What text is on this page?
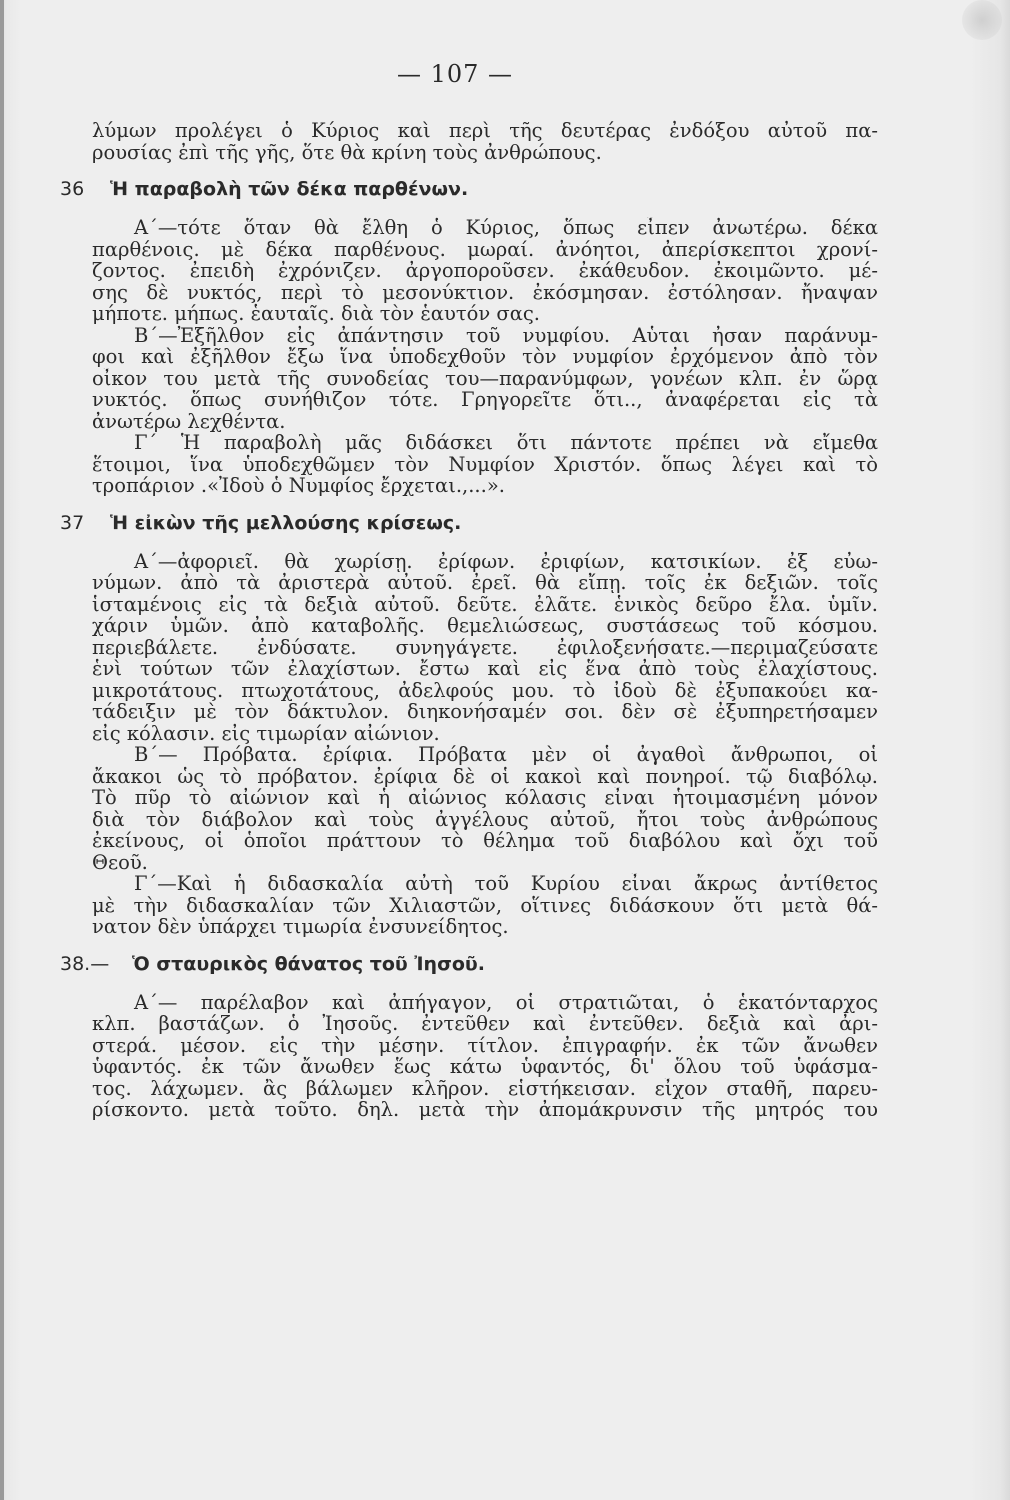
— 107 —
λύμων προλέγει ὁ Κύριος καὶ περὶ τῆς δευτέρας ἐνδόξου αὐτοῦ πα-
ρουσίας ἐπὶ τῆς γῆς, ὅτε θὰ κρίνη τοὺς ἀνθρώπους.
36 Ἡ παραβολὴ τῶν δέκα παρθένων.
Α΄—τότε ὅταν θὰ ἔλθη ὁ Κύριος, ὅπως εἶπεν ἀνωτέρω. δέκα
παρθένοις. μὲ δέκα παρθένους. μωραί. ἀνόητοι, ἀπερίσκεπτοι χρονί-
ζοντος. ἐπειδὴ ἐχρόνιζεν. ἀργοποροῦσεν. ἐκάθευδον. ἐκοιμῶντο. μέ-
σης δὲ νυκτός, περὶ τὸ μεσονύκτιον. ἐκόσμησαν. ἐστόλησαν. ἤναψαν
μήποτε. μήπως. ἑαυταῖς. διὰ τὸν ἑαυτόν σας.
Β΄—Ἐξῆλθον εἰς ἀπάντησιν τοῦ νυμφίου. Αὗται ἦσαν παράνυμ-
φοι καὶ ἐξῆλθον ἔξω ἵνα ὑποδεχθοῦν τὸν νυμφίον ἐρχόμενον ἀπὸ τὸν
οἶκον του μετὰ τῆς συνοδείας του—παρανύμφων, γονέων κλπ. ἐν ὥρᾳ
νυκτός. ὅπως συνήθιζον τότε. Γρηγορεῖτε ὅτι.., ἀναφέρεται εἰς τὰ
ἀνωτέρω λεχθέντα.
Γ΄ Ἡ παραβολὴ μᾶς διδάσκει ὅτι πάντοτε πρέπει νὰ εἴμεθα
ἕτοιμοι, ἵνα ὑποδεχθῶμεν τὸν Νυμφίον Χριστόν. ὅπως λέγει καὶ τὸ
τροπάριον .«Ἰδοὺ ὁ Νυμφίος ἔρχεται.,...».
37 Ἡ εἰκὼν τῆς μελλούσης κρίσεως.
Α΄—ἀφοριεῖ. θὰ χωρίσῃ. ἐρίφων. ἐριφίων, κατσικίων. ἐξ εὐω-
νύμων. ἀπὸ τὰ ἀριστερὰ αὐτοῦ. ἐρεῖ. θὰ εἴπῃ. τοῖς ἐκ δεξιῶν. τοῖς
ἱσταμένοις εἰς τὰ δεξιὰ αὐτοῦ. δεῦτε. ἐλᾶτε. ἑνικὸς δεῦρο ἔλα. ὑμῖν.
χάριν ὑμῶν. ἀπὸ καταβολῆς. θεμελιώσεως, συστάσεως τοῦ κόσμου.
περιεβάλετε. ἐνδύσατε. συνηγάγετε. ἐφιλοξενήσατε.—περιμαζεύσατε
ἑνὶ τούτων τῶν ἐλαχίστων. ἔστω καὶ εἰς ἕνα ἀπὸ τοὺς ἐλαχίστους.
μικροτάτους. πτωχοτάτους, ἀδελφούς μου. τὸ ἰδοὺ δὲ ἐξυπακούει κα-
τάδειξιν μὲ τὸν δάκτυλον. διηκονήσαμέν σοι. δὲν σὲ ἐξυπηρετήσαμεν
εἰς κόλασιν. εἰς τιμωρίαν αἰώνιον.
Β΄— Πρόβατα. ἐρίφια. Πρόβατα μὲν οἱ ἀγαθοὶ ἄνθρωποι, οἱ
ἄκακοι ὡς τὸ πρόβατον. ἐρίφια δὲ οἱ κακοὶ καὶ πονηροί. τῷ διαβόλῳ.
Τὸ πῦρ τὸ αἰώνιον καὶ ἡ αἰώνιος κόλασις εἶναι ἡτοιμασμένη μόνον
διὰ τὸν διάβολον καὶ τοὺς ἀγγέλους αὐτοῦ, ἤτοι τοὺς ἀνθρώπους
ἐκείνους, οἱ ὁποῖοι πράττουν τὸ θέλημα τοῦ διαβόλου καὶ ὄχι τοῦ
Θεοῦ.
Γ΄—Καὶ ἡ διδασκαλία αὐτὴ τοῦ Κυρίου εἶναι ἄκρως ἀντίθετος
μὲ τὴν διδασκαλίαν τῶν Χιλιαστῶν, οἵτινες διδάσκουν ὅτι μετὰ θά-
νατον δὲν ὑπάρχει τιμωρία ἐνσυνείδητος.
38.— Ὁ σταυρικὸς θάνατος τοῦ Ἰησοῦ.
Α΄— παρέλαβον καὶ ἀπήγαγον, οἱ στρατιῶται, ὁ ἑκατόνταρχος
κλπ. βαστάζων. ὁ Ἰησοῦς. ἐντεῦθεν καὶ ἐντεῦθεν. δεξιὰ καὶ ἀρι-
στερά. μέσον. εἰς τὴν μέσην. τίτλον. ἐπιγραφήν. ἐκ τῶν ἄνωθεν
ὑφαντός. ἐκ τῶν ἄνωθεν ἕως κάτω ὑφαντός, δι' ὅλου τοῦ ὑφάσμα-
τος. λάχωμεν. ἂς βάλωμεν κλῆρον. εἱστήκεισαν. εἶχον σταθῆ, παρευ-
ρίσκοντο. μετὰ τοῦτο. δηλ. μετὰ τὴν ἀπομάκρυνσιν τῆς μητρός του
